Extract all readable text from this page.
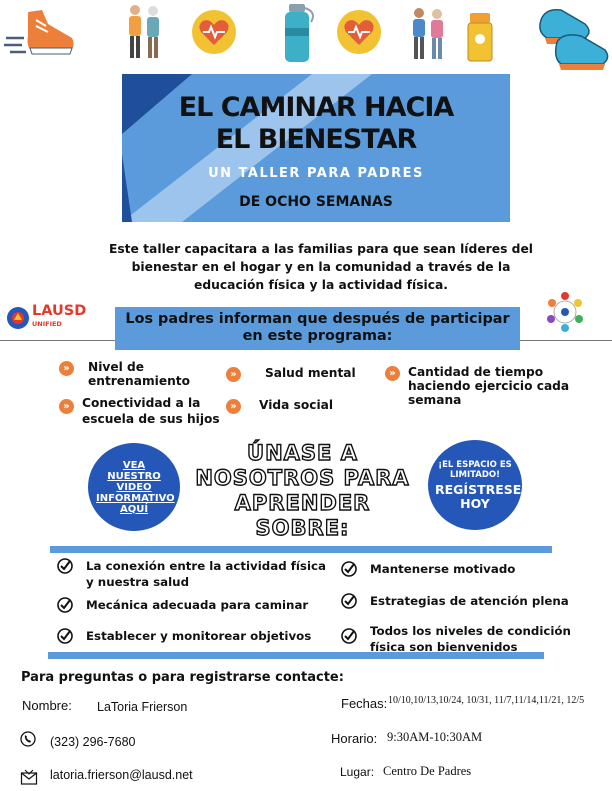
EL CAMINAR HACIA
EL BIENESTAR
UN TALLER PARA PADRES
DE OCHO SEMANAS
Este taller capacitara a las familias para que sean líderes del bienestar en el hogar y en la comunidad a través de la educación física y la actividad física.
LAUSD
UNIFIED	Los padres informan que después de participar en este programa:
»	Nivel de entrenamiento
»	Conectividad a la escuela de sus hijos
»	Salud mental
»	Vida social
»	Cantidad de tiempo haciendo ejercicio cada semana
VEA NUESTRO VIDEO INFORMATIVO AQUÍ
ÚNASE A NOSOTROS PARA APRENDER SOBRE:
¡EL ESPACIO ES LIMITADO!
REGÍSTRESE HOY
La conexión entre la actividad física y nuestra salud
Mecánica adecuada para caminar
Establecer y monitorear objetivos
Mantenerse motivado
Estrategias de atención plena
Todos los niveles de condición física son bienvenidos
Para preguntas o para registrarse contacte:
Nombre: LaToria Frierson
(323) 296-7680
latoria.frierson@lausd.net
Fechas: 10/10,10/13,10/24, 10/31, 11/7,11/14,11/21, 12/5
Horario: 9:30AM-10:30AM
Lugar: Centro De Padres
